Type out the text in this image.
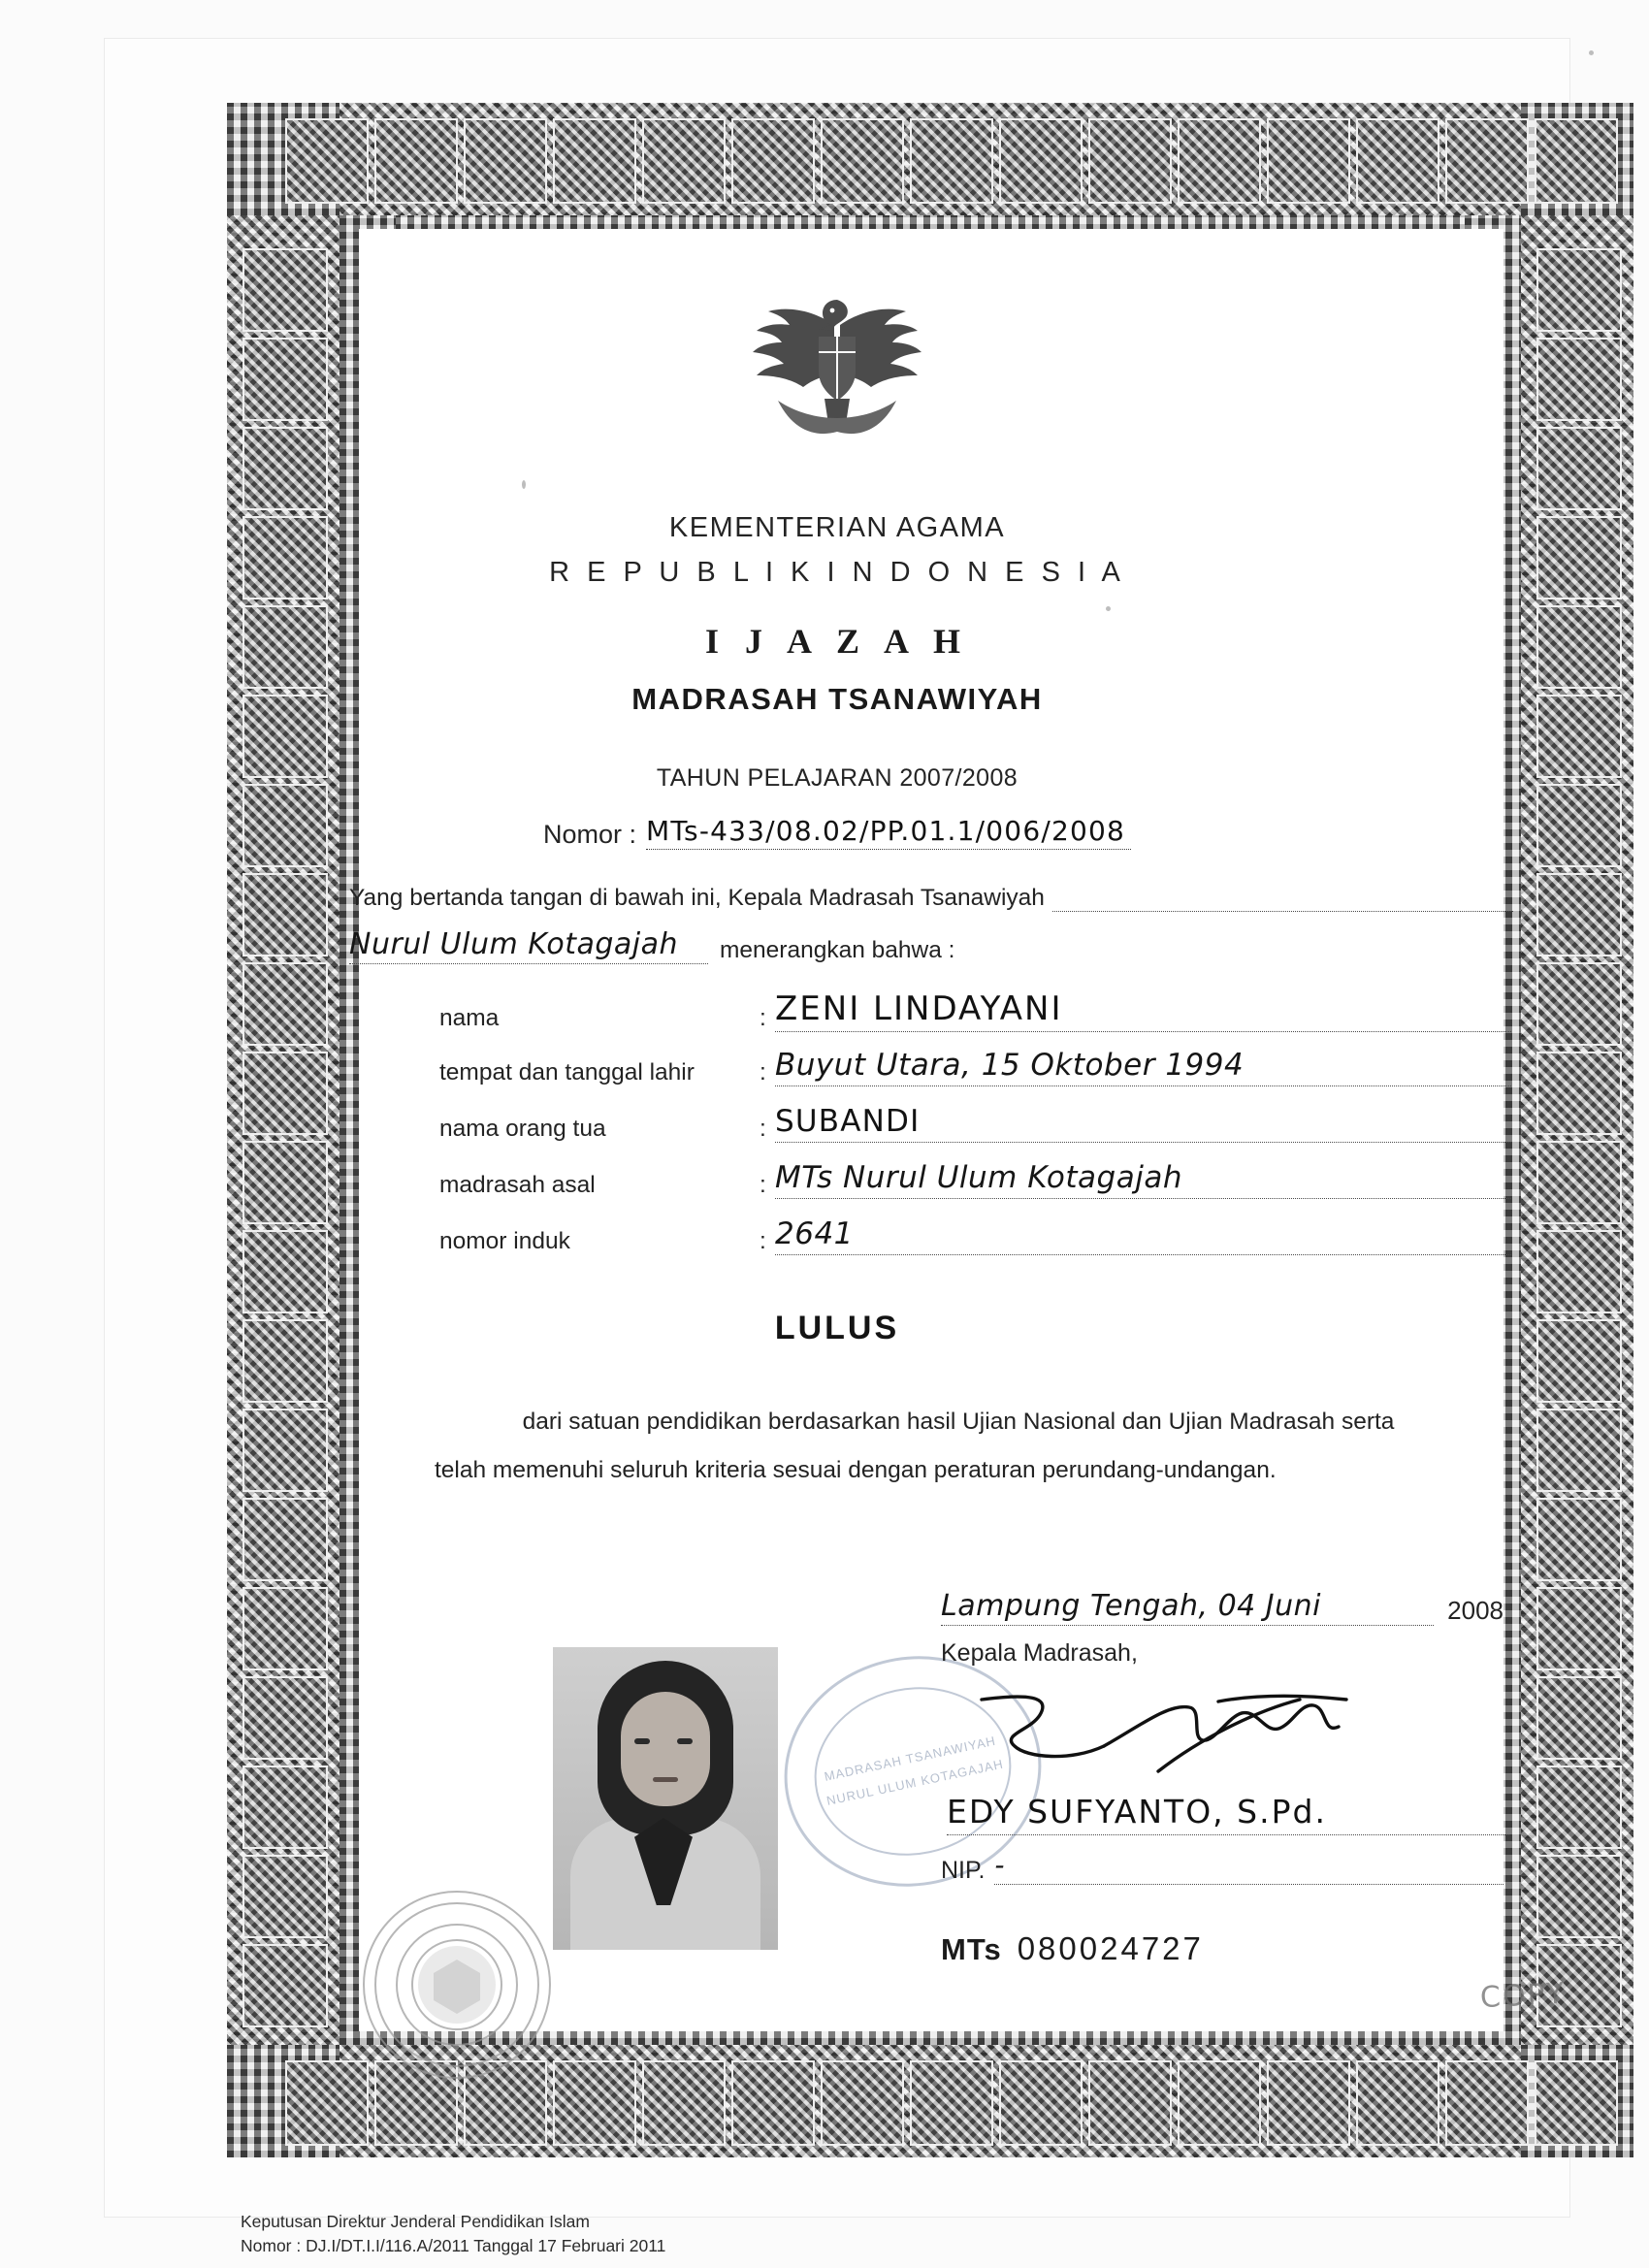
KEMENTERIAN AGAMA
R E P U B L I K I N D O N E S I A
I J A Z A H
MADRASAH TSANAWIYAH
TAHUN PELAJARAN 2007/2008
Nomor : MTs-433/08.02/PP.01.1/006/2008
Yang bertanda tangan di bawah ini, Kepala Madrasah Tsanawiyah
Nurul Ulum Kotagajah	menerangkan bahwa :
nama	: ZENI LINDAYANI
tempat dan tanggal lahir	: Buyut Utara, 15 Oktober 1994
nama orang tua	: SUBANDI
madrasah asal	: MTs Nurul Ulum Kotagajah
nomor induk	: 2641
LULUS
dari satuan pendidikan berdasarkan hasil Ujian Nasional dan Ujian Madrasah serta
telah memenuhi seluruh kriteria sesuai dengan peraturan perundang-undangan.
MADRASAH TSANAWIYAH NURUL ULUM KOTAGAJAH
Lampung Tengah, 04 Juni	2008
Kepala Madrasah,
EDY SUFYANTO, S.Pd.
NIP. -
MTs 080024727
COPY
Keputusan Direktur Jenderal Pendidikan Islam
Nomor : DJ.I/DT.I.I/116.A/2011 Tanggal 17 Februari 2011
